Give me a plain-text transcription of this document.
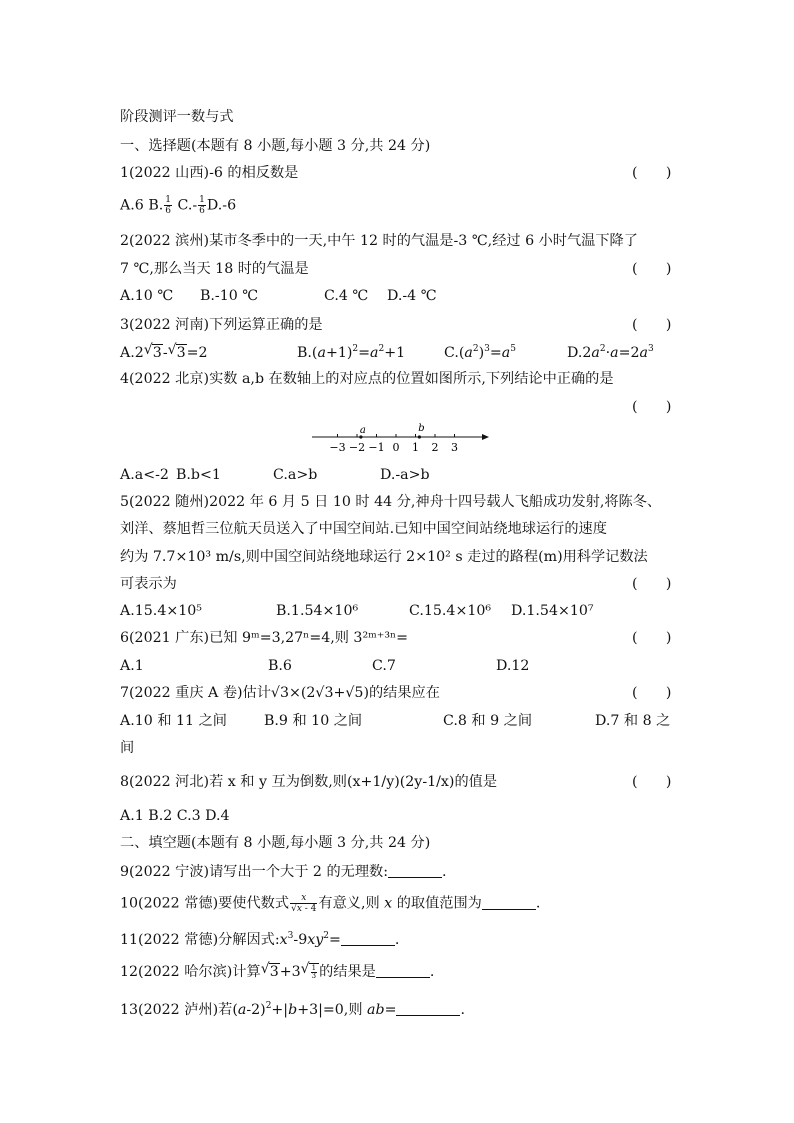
阶段测评一数与式
一、选择题(本题有 8 小题,每小题 3 分,共 24 分)
1(2022 山西)-6 的相反数是	(　　)
A.6 B. $\frac{1}{6} C.- \frac{1}{6} D.-6$
2(2022 滨州)某市冬季中的一天,中午 12 时的气温是-3 ℃,经过 6 小时气温下降了
7 ℃,那么当天 18 时的气温是	(　　)
A.10 ℃ B.-10 ℃	C.4 ℃ D.-4 ℃
3(2022 河南)下列运算正确的是	(　　)
A.2 √ 3- √ 3=2	$B.(a+1)^2=a^2+1$	$C.(a^2)^3=a^5$	$D.2a^2\cdot a=2a^3$
4(2022 北京)实数 a,b 在数轴上的对应点的位置如图所示,下列结论中正确的是
(　　)
−3 −2 −1 0 1 2 3
a	b
A.a<-2 B.b<1	C.a>b	D.-a>b
5(2022 随州)2022 年 6 月 5 日 10 时 44 分,神舟十四号载人飞船成功发射,将陈冬、
刘洋、蔡旭哲三位航天员送入了中国空间站.已知中国空间站绕地球运行的速度
约为 7.7×10³ m/s,则中国空间站绕地球运行 2×10² s 走过的路程(m)用科学记数法
可表示为	(　　)
A.15.4×10⁵	B.1.54×10⁶	C.15.4×10⁶ D.1.54×10⁷
6(2021 广东)已知 9ᵐ=3,27ⁿ=4,则 3²ᵐ⁺³ⁿ=	(　　)
A.1	B.6	C.7	D.12
7(2022 重庆 A 卷)估计√3×(2√3+√5)的结果应在	(　　)
A.10 和 11 之间	B.9 和 10 之间	C.8 和 9 之间	D.7 和 8 之
间
8(2022 河北)若 x 和 y 互为倒数,则(x+1/y)(2y-1/x)的值是	(　　)
A.1 B.2 C.3 D.4
二、填空题(本题有 8 小题,每小题 3 分,共 24 分)
9(2022 宁波)请写出一个大于 2 的无理数:	.
10(2022 常德)要使代数式 $\frac{x}{√x - 4}$ 有意义,则 x 的取值范围为	.
11(2022 常德)分解因式$:x^3-9xy^2=$	.
12(2022 哈尔滨)计算 √ 3+3 √ $\frac{1}{3}$ 的结果是	.
13(2022 泸州)若$(a-2)^2+|b+3|=0$,则 ab=	.
